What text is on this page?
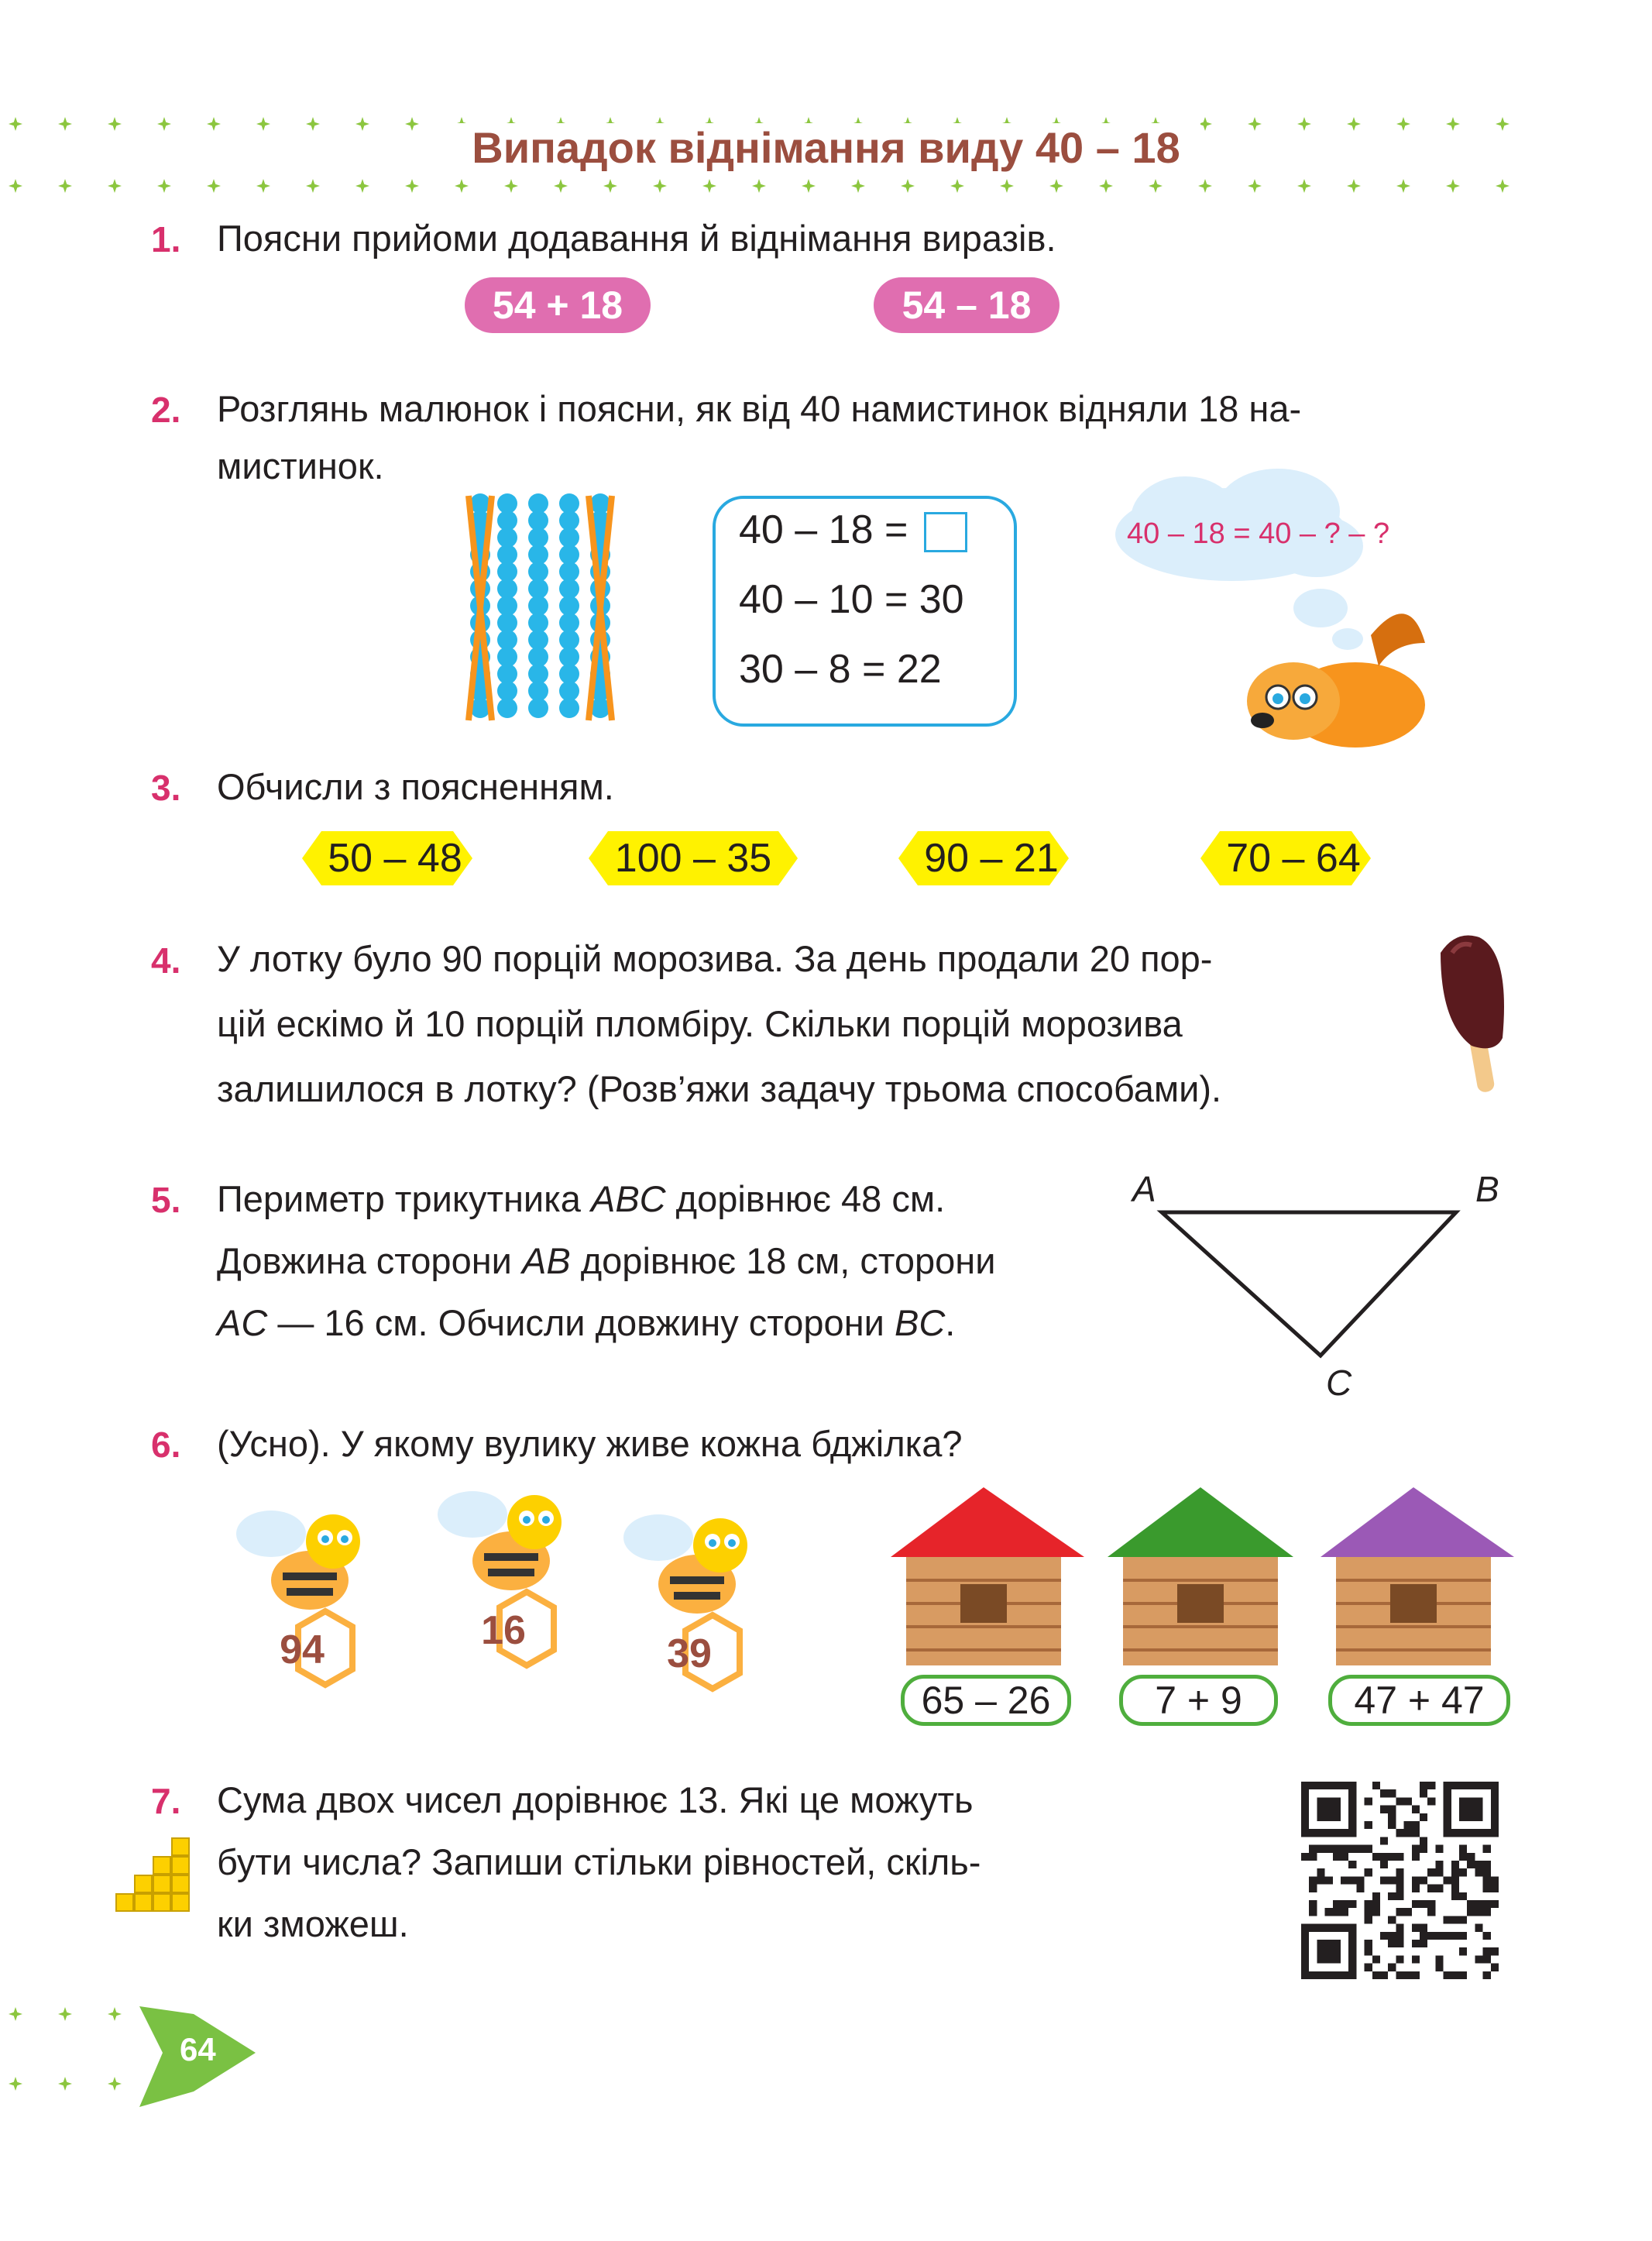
Випадок віднімання виду 40 – 18
1. Поясни прийоми додавання й віднімання виразів.
54 + 18	54 – 18
2. Розглянь малюнок і поясни, як від 40 намистинок відняли 18 на-
мистинок.
40 – 18 =
40 – 10 = 30
30 – 8 = 22
40 – 18 = 40 – ? – ?
3. Обчисли з поясненням.
50 – 48	100 – 35	90 – 21	70 – 64
4. У лотку було 90 порцій морозива. За день продали 20 пор-
цій ескімо й 10 порцій пломбіру. Скільки порцій морозива
залишилося в лотку? (Розв’яжи задачу трьома способами).
5. Периметр трикутника ABC дорівнює 48 см.
Довжина сторони AB дорівнює 18 см, сторони
AC — 16 см. Обчисли довжину сторони BC.
A	B
C
6. (Усно). У якому вулику живе кожна бджілка?
94	16
39
65 – 26	7 + 9	47 + 47
7. Сума двох чисел дорівнює 13. Які це можуть
бути числа? Запиши стільки рівностей, скіль-
ки зможеш.
64
